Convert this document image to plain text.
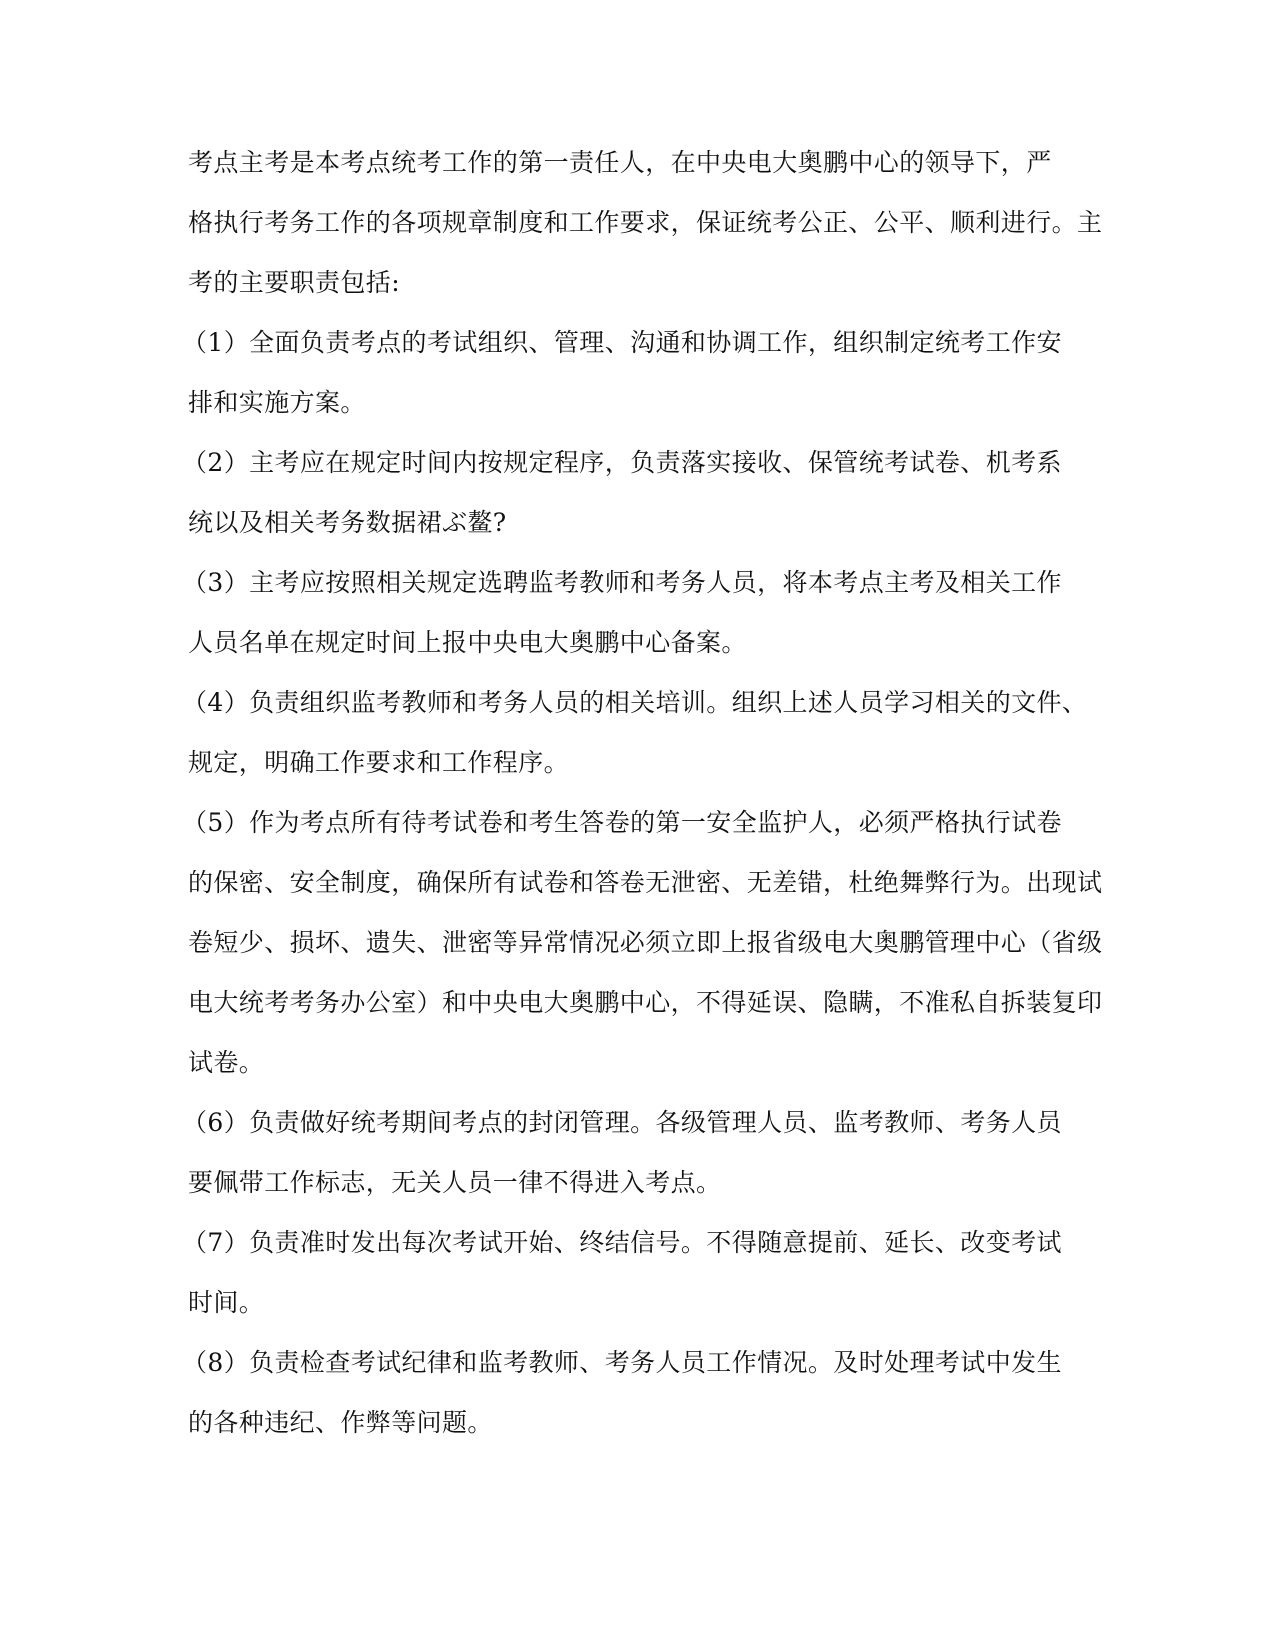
考点主考是本考点统考工作的第一责任人，在中央电大奥鹏中心的领导下，严
格执行考务工作的各项规章制度和工作要求，保证统考公正、公平、顺利进行。主
考的主要职责包括:
（1）全面负责考点的考试组织、管理、沟通和协调工作，组织制定统考工作安
排和实施方案。
（2）主考应在规定时间内按规定程序，负责落实接收、保管统考试卷、机考系
统以及相关考务数据裙ぶ鳌?
（3）主考应按照相关规定选聘监考教师和考务人员，将本考点主考及相关工作
人员名单在规定时间上报中央电大奥鹏中心备案。
（4）负责组织监考教师和考务人员的相关培训。组织上述人员学习相关的文件、
规定，明确工作要求和工作程序。
（5）作为考点所有待考试卷和考生答卷的第一安全监护人，必须严格执行试卷
的保密、安全制度，确保所有试卷和答卷无泄密、无差错，杜绝舞弊行为。出现试
卷短少、损坏、遗失、泄密等异常情况必须立即上报省级电大奥鹏管理中心（省级
电大统考考务办公室）和中央电大奥鹏中心，不得延误、隐瞒，不准私自拆装复印
试卷。
（6）负责做好统考期间考点的封闭管理。各级管理人员、监考教师、考务人员
要佩带工作标志，无关人员一律不得进入考点。
（7）负责准时发出每次考试开始、终结信号。不得随意提前、延长、改变考试
时间。
（8）负责检查考试纪律和监考教师、考务人员工作情况。及时处理考试中发生
的各种违纪、作弊等问题。
